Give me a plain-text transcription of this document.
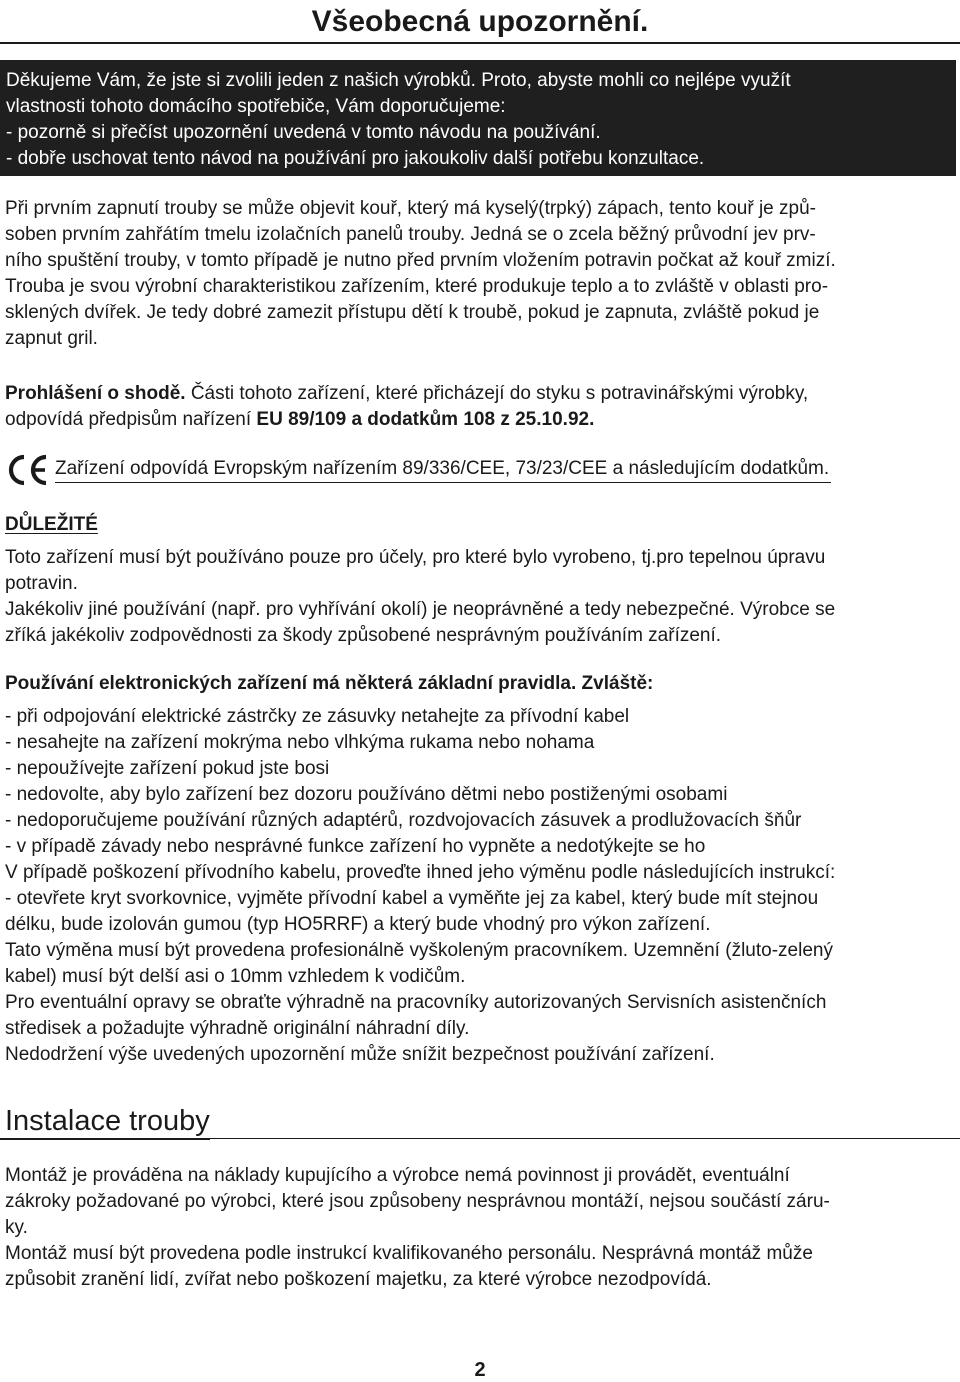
Všeobecná upozornění.

Děkujeme Vám, že jste si zvolili jeden z našich výrobků. Proto, abyste mohli co nejlépe využít

vlastnosti tohoto domácího spotřebiče, Vám doporučujeme:

- pozorně si přečíst upozornění uvedená v tomto návodu na používání.

- dobře uschovat tento návod na používání pro jakoukoliv další potřebu konzultace.

Při prvním zapnutí trouby se může objevit kouř, který má kyselý(trpký) zápach, tento kouř je způ-

soben prvním zahřátím tmelu izolačních panelů trouby. Jedná se o zcela běžný průvodní jev prv-

ního spuštění trouby, v tomto případě je nutno před prvním vložením potravin počkat až kouř zmizí.

Trouba je svou výrobní charakteristikou zařízením, které produkuje teplo a to zvláště v oblasti pro-

sklených dvířek. Je tedy dobré zamezit přístupu dětí k troubě, pokud je zapnuta, zvláště pokud je

zapnut gril.

Prohlášení o shodě. Části tohoto zařízení, které přicházejí do styku s potravinářskými výrobky,

odpovídá předpisům nařízení EU 89/109 a dodatkům 108 z 25.10.92.

Zařízení odpovídá Evropským nařízením 89/336/CEE, 73/23/CEE a následujícím dodatkům.

DŮLEŽITÉ

Toto zařízení musí být používáno pouze pro účely, pro které bylo vyrobeno, tj.pro tepelnou úpravu

potravin.

Jakékoliv jiné používání (např. pro vyhřívání okolí) je neoprávněné a tedy nebezpečné. Výrobce se

zříká jakékoliv zodpovědnosti za škody způsobené nesprávným používáním zařízení.

Používání elektronických zařízení má některá základní pravidla. Zvláště:

- při odpojování elektrické zástrčky ze zásuvky netahejte za přívodní kabel

- nesahejte na zařízení mokrýma nebo vlhkýma rukama nebo nohama

- nepoužívejte zařízení pokud jste bosi

- nedovolte, aby bylo zařízení bez dozoru používáno dětmi nebo postiženými osobami

- nedoporučujeme používání různých adaptérů, rozdvojovacích zásuvek a prodlužovacích šňůr

- v případě závady nebo nesprávné funkce zařízení ho vypněte a nedotýkejte se ho

V případě poškození přívodního kabelu, proveďte ihned jeho výměnu podle následujících instrukcí:

- otevřete kryt svorkovnice, vyjměte přívodní kabel a vyměňte jej za kabel, který bude mít stejnou

délku, bude izolován gumou (typ HO5RRF) a který bude vhodný pro výkon zařízení.

Tato výměna musí být provedena profesionálně vyškoleným pracovníkem. Uzemnění (žluto-zelený

kabel) musí být delší asi o 10mm vzhledem k vodičům.

Pro eventuální opravy se obraťte výhradně na pracovníky autorizovaných Servisních asistenčních

středisek a požadujte výhradně originální náhradní díly.

Nedodržení výše uvedených upozornění může snížit bezpečnost používání zařízení.

Instalace trouby

Montáž je prováděna na náklady kupujícího a výrobce nemá povinnost ji provádět, eventuální

zákroky požadované po výrobci, které jsou způsobeny nesprávnou montáží, nejsou součástí záru-

ky.

Montáž musí být provedena podle instrukcí kvalifikovaného personálu. Nesprávná montáž může

způsobit zranění lidí, zvířat nebo poškození majetku, za které výrobce nezodpovídá.

2
